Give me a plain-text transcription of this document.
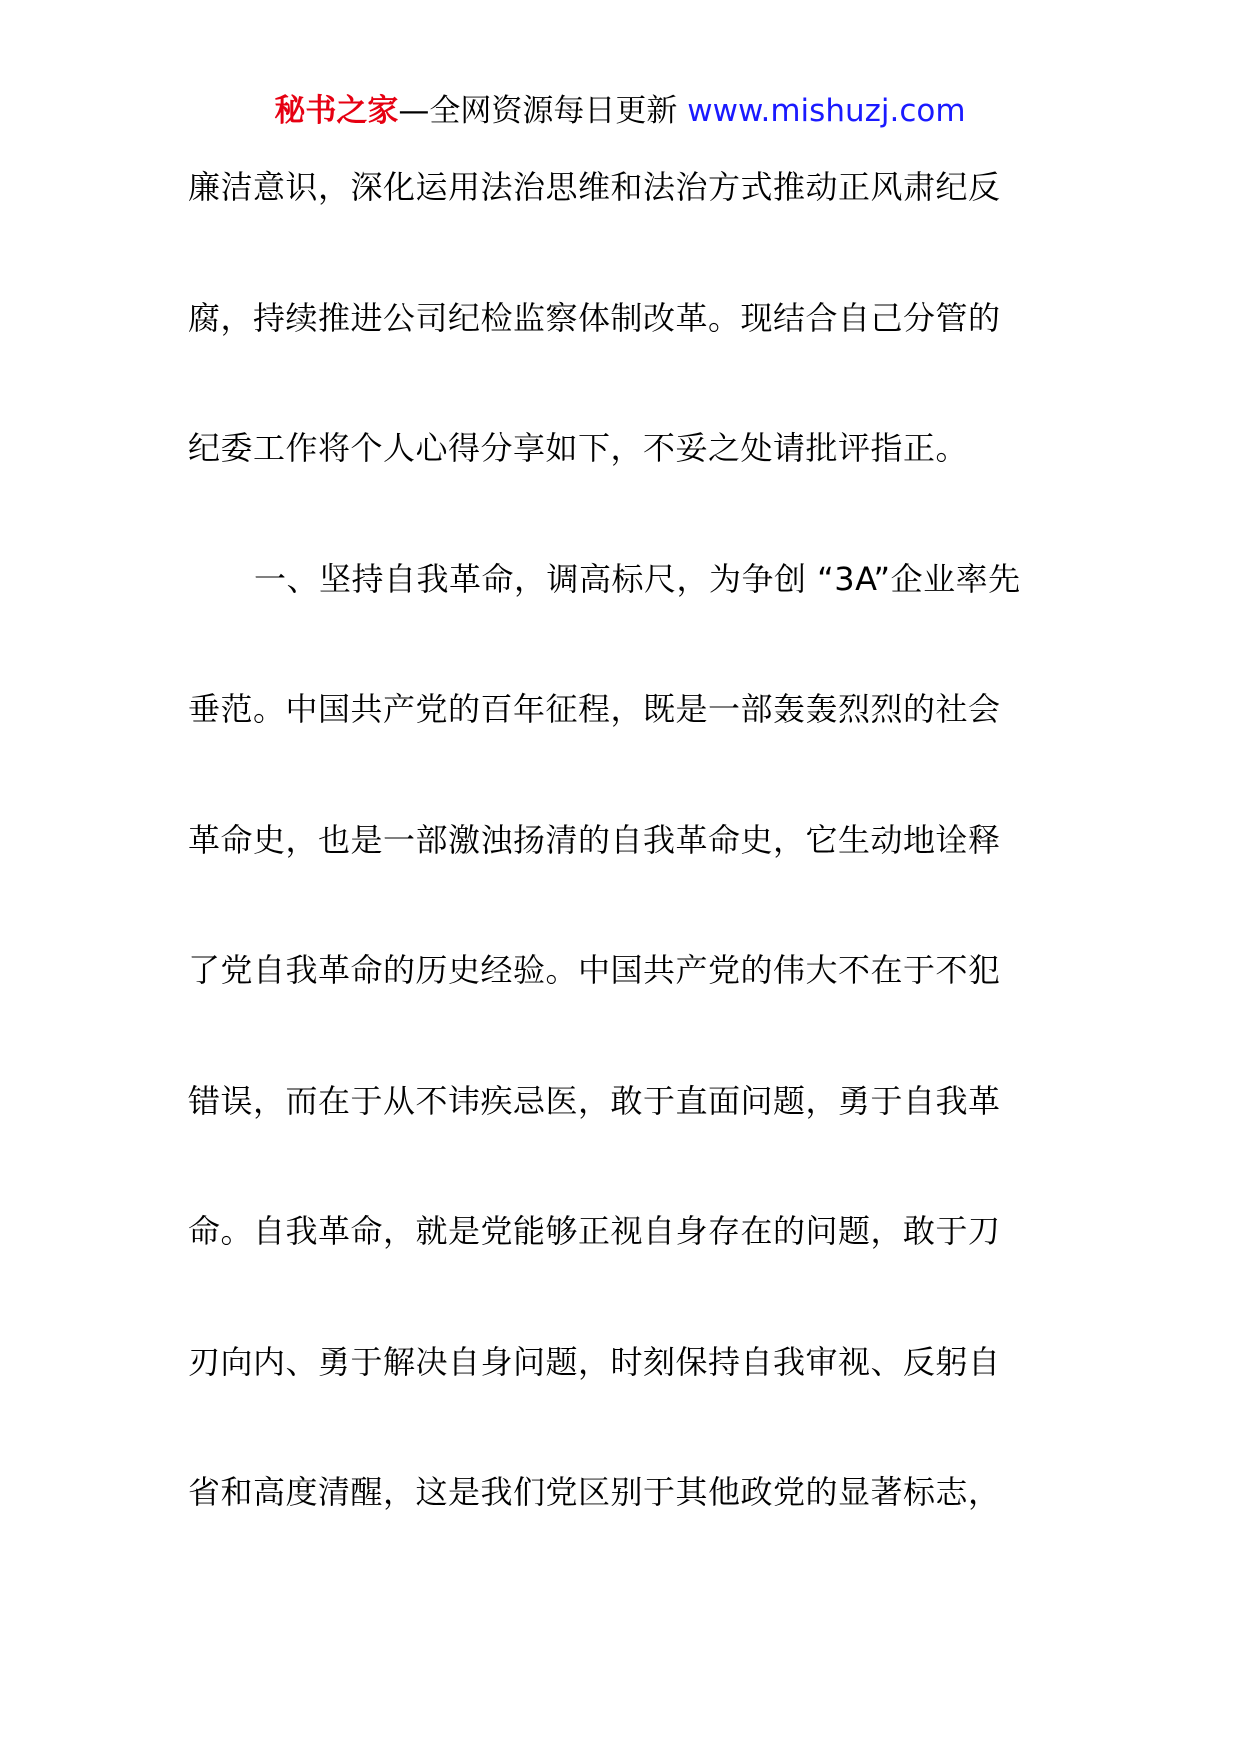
秘书之家—全网资源每日更新 www.mishuzj.com
廉洁意识，深化运用法治思维和法治方式推动正风肃纪反
腐，持续推进公司纪检监察体制改革。现结合自己分管的
纪委工作将个人心得分享如下，不妥之处请批评指正。
一、坚持自我革命，调高标尺，为争创 “3A”企业率先
垂范。中国共产党的百年征程，既是一部轰轰烈烈的社会
革命史，也是一部激浊扬清的自我革命史，它生动地诠释
了党自我革命的历史经验。中国共产党的伟大不在于不犯
错误，而在于从不讳疾忌医，敢于直面问题，勇于自我革
命。自我革命，就是党能够正视自身存在的问题，敢于刀
刃向内、勇于解决自身问题，时刻保持自我审视、反躬自
省和高度清醒，这是我们党区别于其他政党的显著标志，
